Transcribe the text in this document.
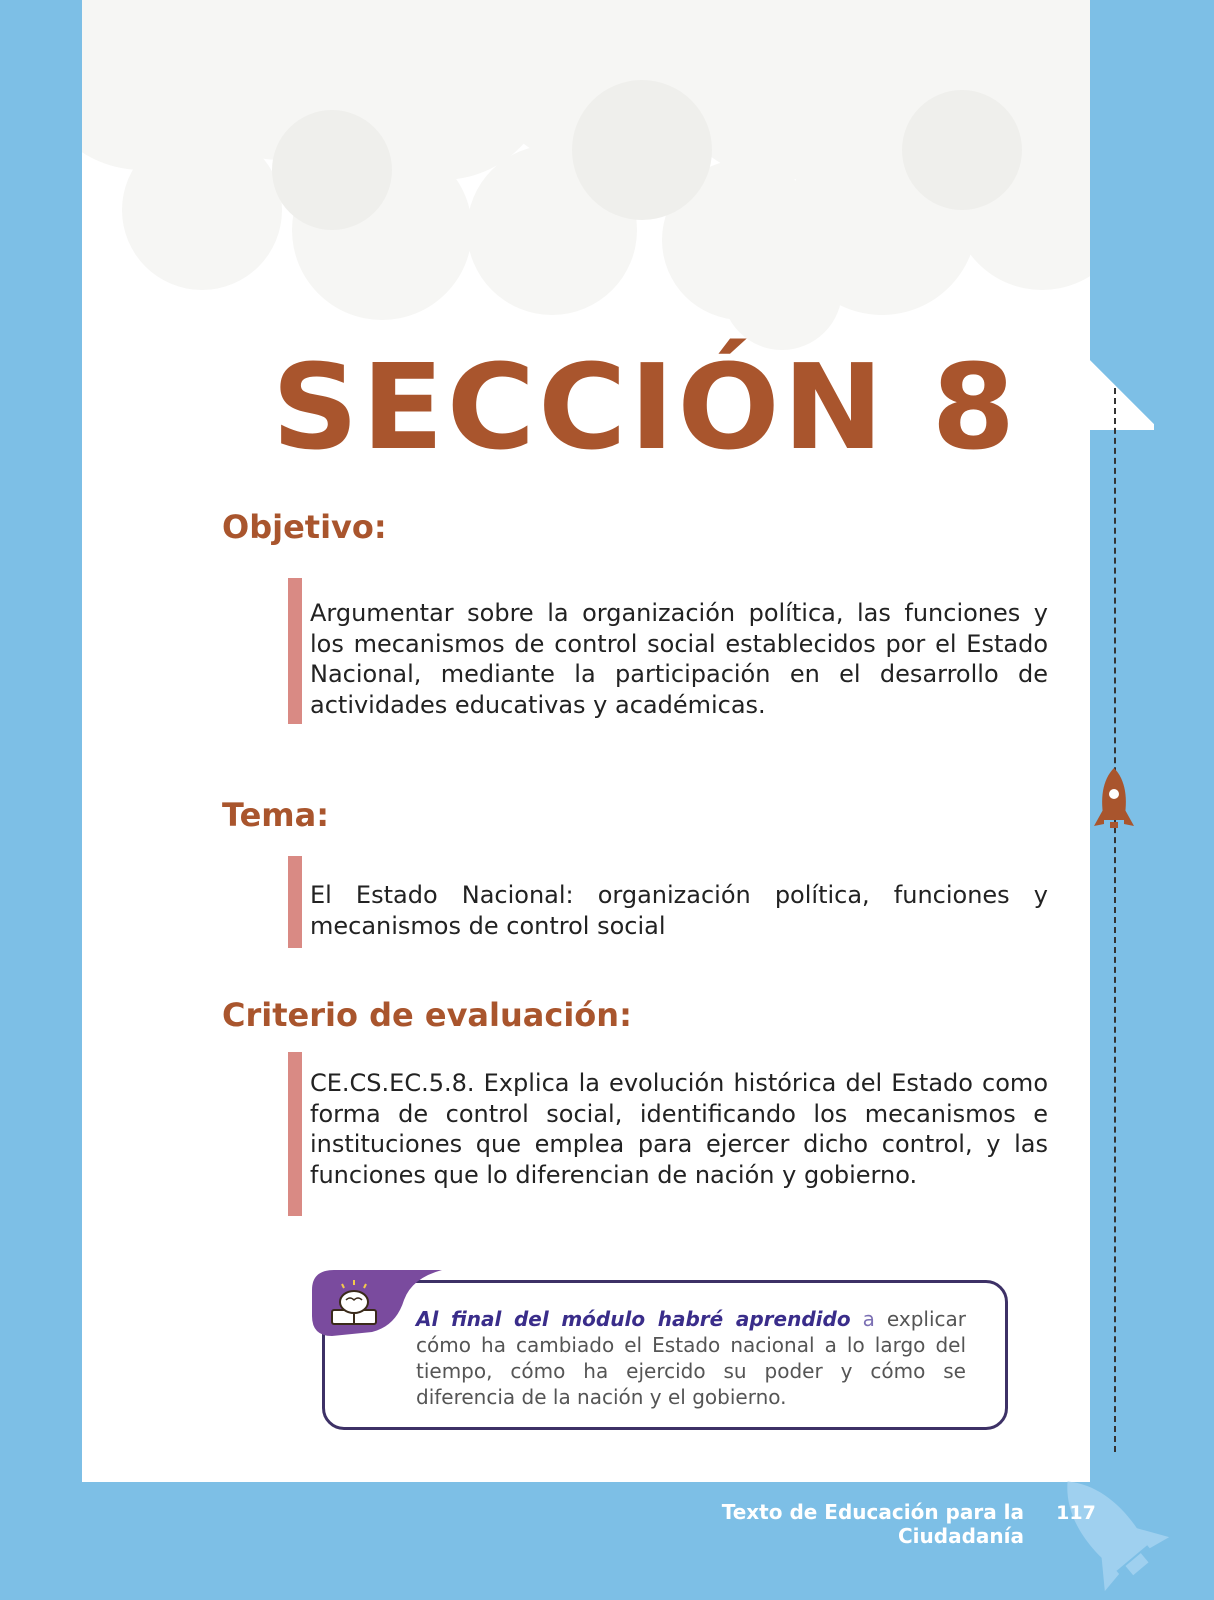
SECCIÓN 8
Objetivo:

Argumentar sobre la organización política, las funciones y los mecanismos de control social establecidos por el Estado Nacional, mediante la participación en el desarrollo de actividades educativas y académicas.

Tema:

El Estado Nacional: organización política, funciones y mecanismos de control social

Criterio de evaluación:

CE.CS.EC.5.8. Explica la evolución histórica del Estado como forma de control social, identificando los mecanismos e instituciones que emplea para ejercer dicho control, y las funciones que lo diferencian de nación y gobierno.

Al final del módulo habré aprendido a explicar cómo ha cambiado el Estado nacional a lo largo del tiempo, cómo ha ejercido su poder y cómo se diferencia de la nación y el gobierno.

Texto de Educación para la Ciudadanía

117
